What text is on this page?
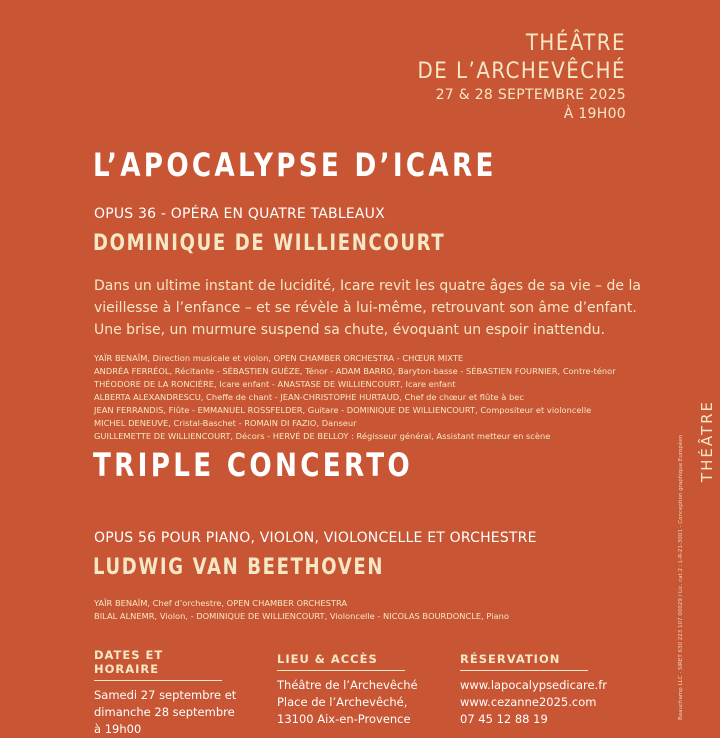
THÉÂTRE
DE L’ARCHEVÊCHÉ
27 & 28 SEPTEMBRE 2025
À 19H00
L’APOCALYPSE D’ICARE
OPUS 36 - OPÉRA EN QUATRE TABLEAUX
DOMINIQUE DE WILLIENCOURT
Dans un ultime instant de lucidité, Icare revit les quatre âges de sa vie – de la
vieillesse à l’enfance – et se révèle à lui-même, retrouvant son âme d’enfant.
Une brise, un murmure suspend sa chute, évoquant un espoir inattendu.
YAÏR BENAÏM, Direction musicale et violon, OPEN CHAMBER ORCHESTRA - CHŒUR MIXTE
ANDRÉA FERRÉOL, Récitante - SÉBASTIEN GUÈZE, Ténor - ADAM BARRO, Baryton-basse - SÉBASTIEN FOURNIER, Contre-ténor
THÉODORE DE LA RONCIÈRE, Icare enfant - ANASTASE DE WILLIENCOURT, Icare enfant
ALBERTA ALEXANDRESCU, Cheffe de chant - JEAN-CHRISTOPHE HURTAUD, Chef de chœur et flûte à bec
JEAN FERRANDIS, Flûte - EMMANUEL ROSSFELDER, Guitare - DOMINIQUE DE WILLIENCOURT, Compositeur et violoncelle
MICHEL DENEUVE, Cristal-Baschet - ROMAIN DI FAZIO, Danseur
GUILLEMETTE DE WILLIENCOURT, Décors - HERVÉ DE BELLOY : Régisseur général, Assistant metteur en scène
TRIPLE CONCERTO
OPUS 56 POUR PIANO, VIOLON, VIOLONCELLE ET ORCHESTRE
LUDWIG VAN BEETHOVEN
YAÏR BENAÏM, Chef d’orchestre, OPEN CHAMBER ORCHESTRA
BILAL ALNEMR, Violon, - DOMINIQUE DE WILLIENCOURT, Violoncelle - NICOLAS BOURDONCLE, Piano
THÉÂTRE
Beauchamp LLC - SIRET 630 223 107 00029 / Lic. cat.2 : L-R-21-3001 - Conception graphique Européen
DATES ET HORAIRE
Samedi 27 septembre et
dimanche 28 septembre
à 19h00
LIEU & ACCÈS
Théâtre de l’Archevêché
Place de l’Archevêché,
13100 Aix-en-Provence
RÉSERVATION
www.lapocalypsedicare.fr
www.cezanne2025.com
07 45 12 88 19
